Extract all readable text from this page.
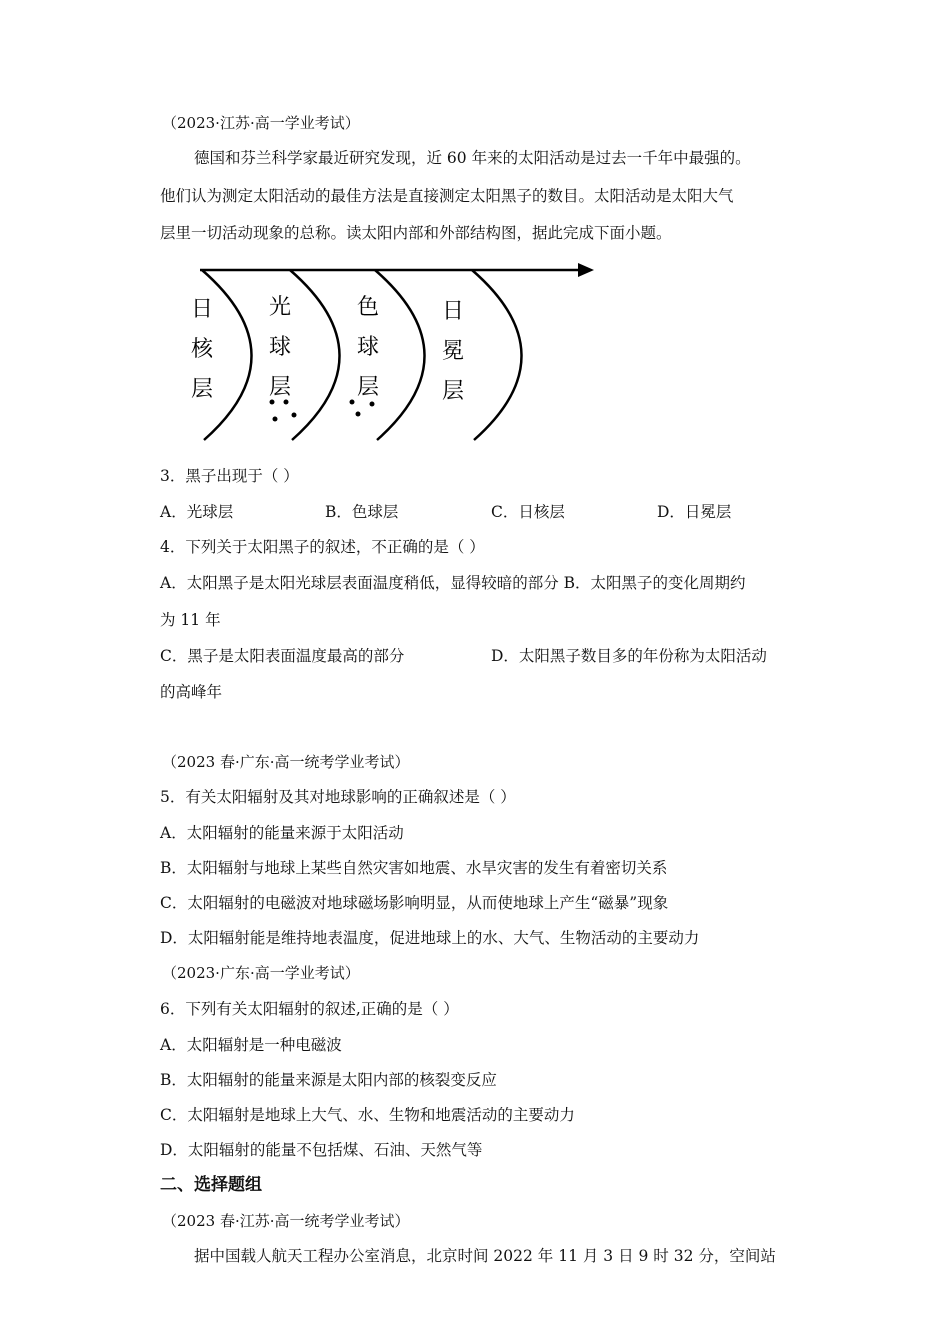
（2023·江苏·高一学业考试）
德国和芬兰科学家最近研究发现，近 60 年来的太阳活动是过去一千年中最强的。
他们认为测定太阳活动的最佳方法是直接测定太阳黑子的数目。太阳活动是太阳大气
层里一切活动现象的总称。读太阳内部和外部结构图，据此完成下面小题。
日
核
层
光
球
层
色
球
层
日
冕
层
3．黑子出现于（ ）
A．光球层	B．色球层	C．日核层	D．日冕层
4．下列关于太阳黑子的叙述，不正确的是（ ）
A．太阳黑子是太阳光球层表面温度稍低，显得较暗的部分 B．太阳黑子的变化周期约
为 11 年
C．黑子是太阳表面温度最高的部分	D．太阳黑子数目多的年份称为太阳活动
的高峰年
（2023 春·广东·高一统考学业考试）
5．有关太阳辐射及其对地球影响的正确叙述是（ ）
A．太阳辐射的能量来源于太阳活动
B．太阳辐射与地球上某些自然灾害如地震、水旱灾害的发生有着密切关系
C．太阳辐射的电磁波对地球磁场影响明显，从而使地球上产生“磁暴”现象
D．太阳辐射能是维持地表温度，促进地球上的水、大气、生物活动的主要动力
（2023·广东·高一学业考试）
6．下列有关太阳辐射的叙述,正确的是（ ）
A．太阳辐射是一种电磁波
B．太阳辐射的能量来源是太阳内部的核裂变反应
C．太阳辐射是地球上大气、水、生物和地震活动的主要动力
D．太阳辐射的能量不包括煤、石油、天然气等
二、选择题组
（2023 春·江苏·高一统考学业考试）
据中国载人航天工程办公室消息，北京时间 2022 年 11 月 3 日 9 时 32 分，空间站
